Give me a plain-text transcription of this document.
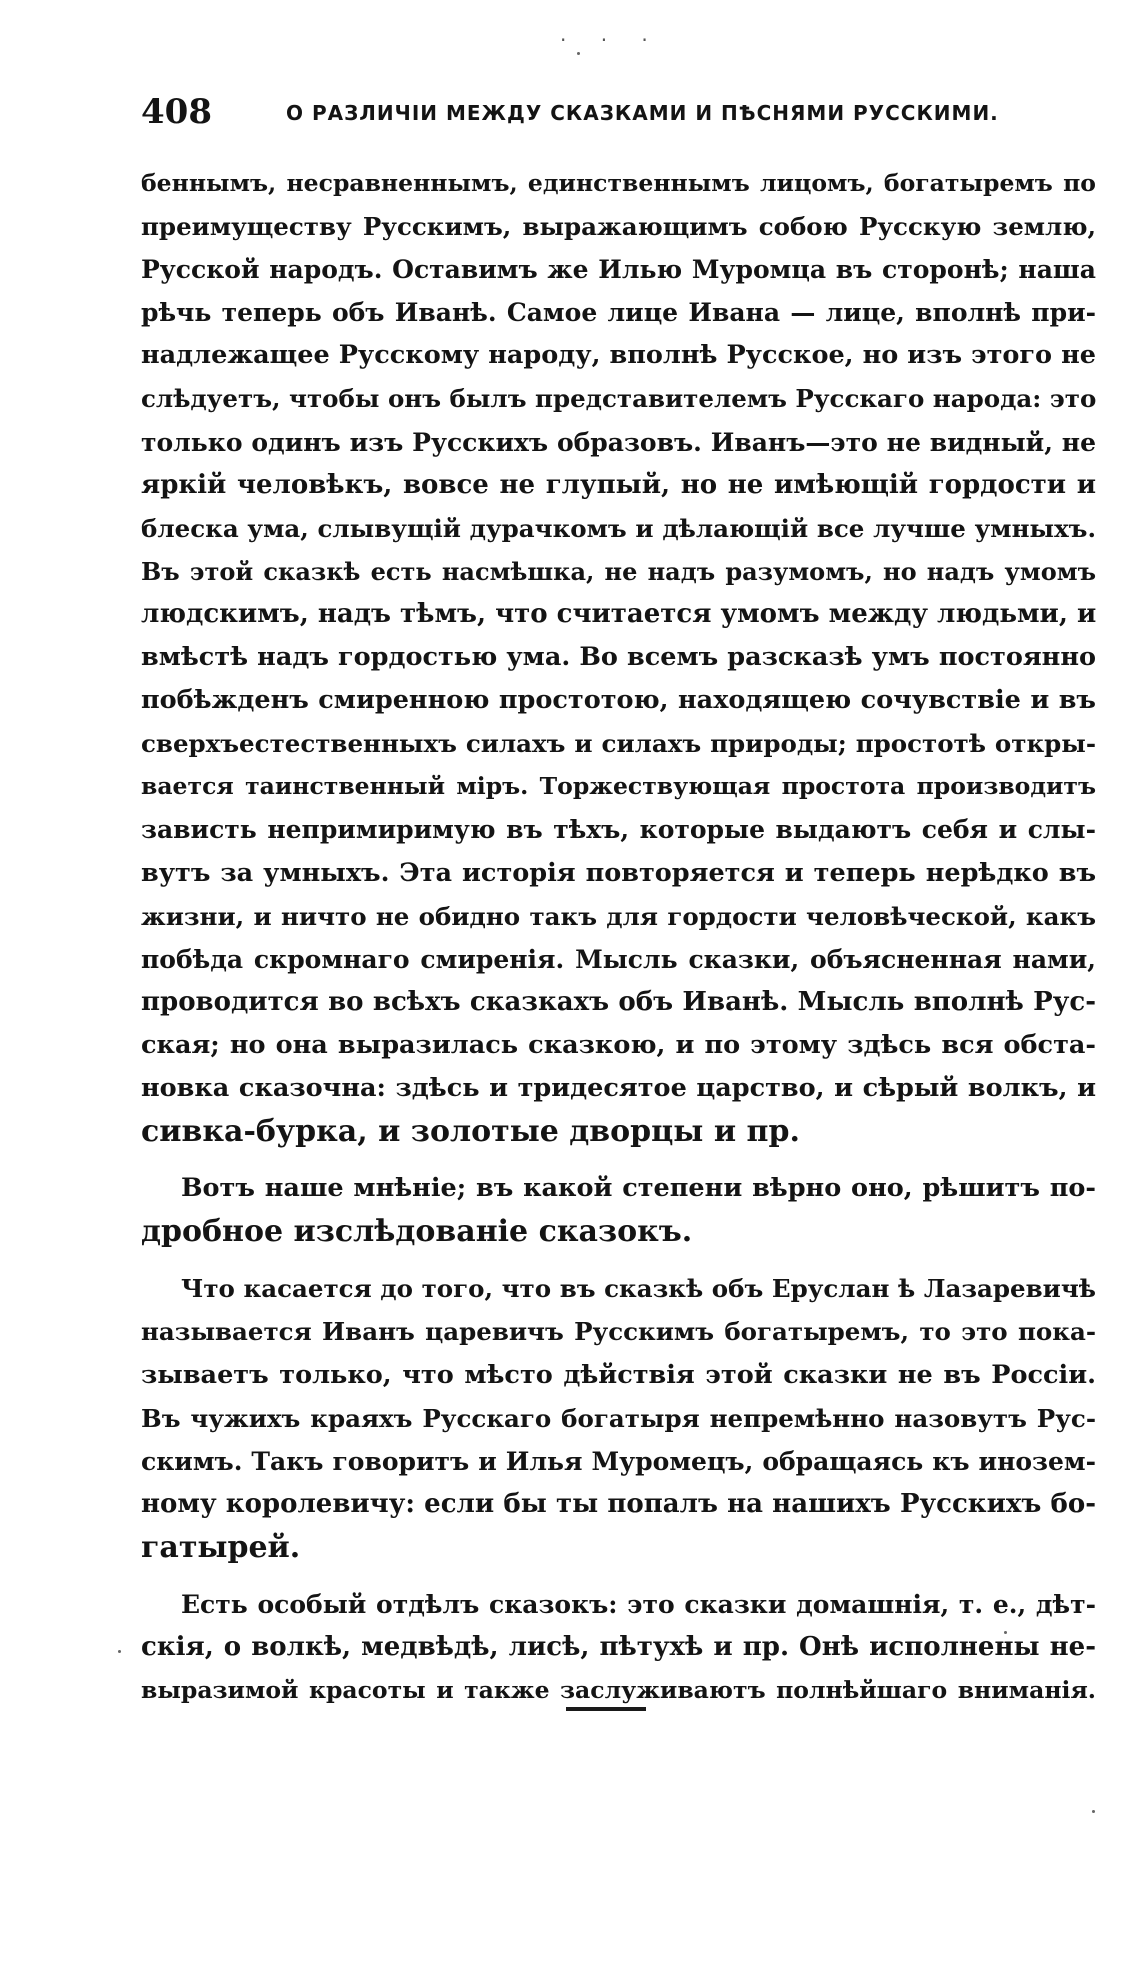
· · ·
408	О РАЗЛИЧІИ МЕЖДУ СКАЗКАМИ И ПѢСНЯМИ РУССКИМИ.
беннымъ, несравненнымъ, единственнымъ лицомъ, богатыремъ по
преимуществу Русскимъ, выражающимъ собою Русскую землю,
Русской народъ. Оставимъ же Илью Муромца въ сторонѣ; наша
рѣчь теперь объ Иванѣ. Самое лице Ивана — лице, вполнѣ при-
надлежащее Русскому народу, вполнѣ Русское, но изъ этого не
слѣдуетъ, чтобы онъ былъ представителемъ Русскаго народа: это
только одинъ изъ Русскихъ образовъ. Иванъ—это не видный, не
яркій человѣкъ, вовсе не глупый, но не имѣющій гордости и
блеска ума, слывущій дурачкомъ и дѣлающій все лучше умныхъ.
Въ этой сказкѣ есть насмѣшка, не надъ разумомъ, но надъ умомъ
людскимъ, надъ тѣмъ, что считается умомъ между людьми, и
вмѣстѣ надъ гордостью ума. Во всемъ разсказѣ умъ постоянно
побѣжденъ смиренною простотою, находящею сочувствіе и въ
сверхъестественныхъ силахъ и силахъ природы; простотѣ откры-
вается таинственный міръ. Торжествующая простота производитъ
зависть непримиримую въ тѣхъ, которые выдаютъ себя и слы-
вутъ за умныхъ. Эта исторія повторяется и теперь нерѣдко въ
жизни, и ничто не обидно такъ для гордости человѣческой, какъ
побѣда скромнаго смиренія. Мысль сказки, объясненная нами,
проводится во всѣхъ сказкахъ объ Иванѣ. Мысль вполнѣ Рус-
ская; но она выразилась сказкою, и по этому здѣсь вся обста-
новка сказочна: здѣсь и тридесятое царство, и сѣрый волкъ, и
сивка-бурка, и золотые дворцы и пр.
Вотъ наше мнѣніе; въ какой степени вѣрно оно, рѣшитъ по-
дробное изслѣдованіе сказокъ.
Что касается до того, что въ сказкѣ объ Еруслан ѣ Лазаревичѣ
называется Иванъ царевичъ Русскимъ богатыремъ, то это пока-
зываетъ только, что мѣсто дѣйствія этой сказки не въ Россіи.
Въ чужихъ краяхъ Русскаго богатыря непремѣнно назовутъ Рус-
скимъ. Такъ говоритъ и Илья Муромецъ, обращаясь къ инозем-
ному королевичу: если бы ты попалъ на нашихъ Русскихъ бо-
гатырей.
Есть особый отдѣлъ сказокъ: это сказки домашнія, т. е., дѣт-
скія, о волкѣ, медвѣдѣ, лисѣ, пѣтухѣ и пр. Онѣ исполнены не-
выразимой красоты и также заслуживаютъ полнѣйшаго вниманія.
